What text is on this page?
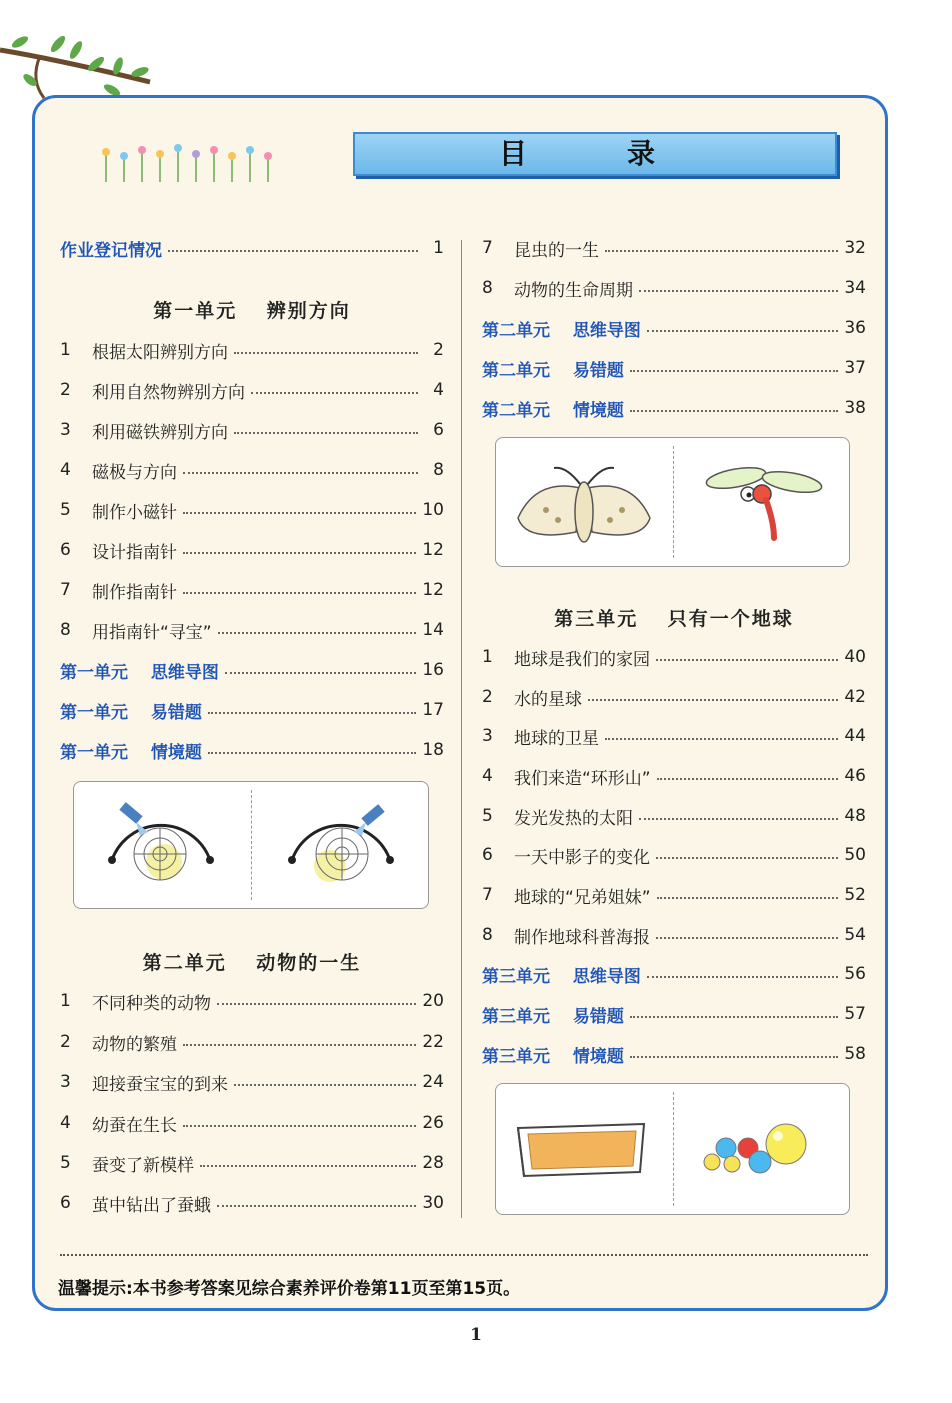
目　录
作业登记情况	1
第一单元　 辨别方向
1	根据太阳辨别方向	2
2	利用自然物辨别方向	4
3	利用磁铁辨别方向	6
4	磁极与方向	8
5	制作小磁针	10
6	设计指南针	12
7	制作指南针	12
8	用指南针“寻宝”	14
第一单元　 思维导图	16
第一单元　 易错题	17
第一单元　 情境题	18
第二单元　 动物的一生
1	不同种类的动物	20
2	动物的繁殖	22
3	迎接蚕宝宝的到来	24
4	幼蚕在生长	26
5	蚕变了新模样	28
6	茧中钻出了蚕蛾	30
7	昆虫的一生	32
8	动物的生命周期	34
第二单元　 思维导图	36
第二单元　 易错题	37
第二单元　 情境题	38
第三单元　 只有一个地球
1	地球是我们的家园	40
2	水的星球	42
3	地球的卫星	44
4	我们来造“环形山”	46
5	发光发热的太阳	48
6	一天中影子的变化	50
7	地球的“兄弟姐妹”	52
8	制作地球科普海报	54
第三单元　 思维导图	56
第三单元　 易错题	57
第三单元　 情境题	58
温馨提示:本书参考答案见综合素养评价卷第11页至第15页。
1
